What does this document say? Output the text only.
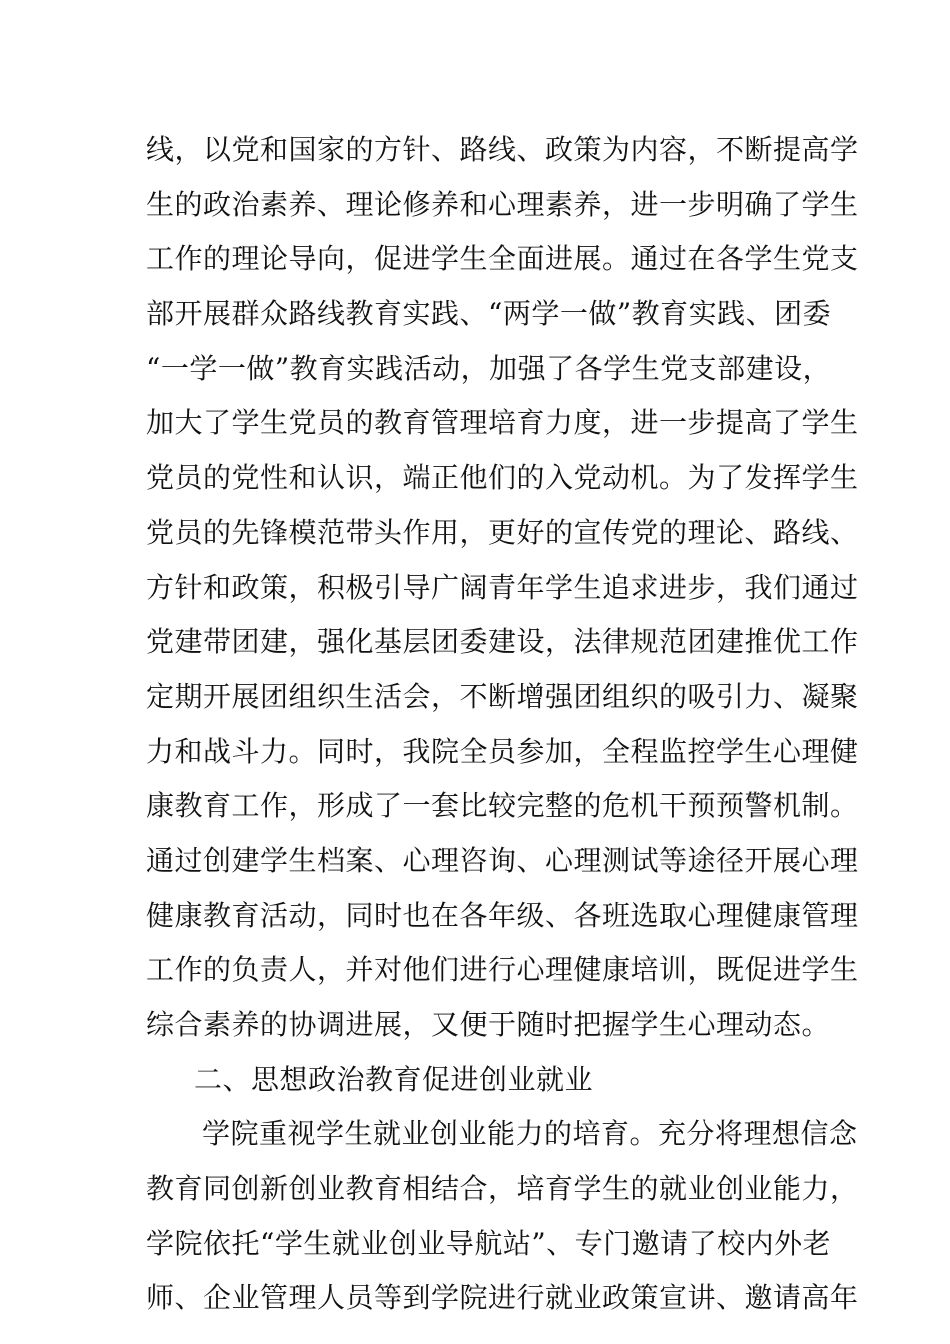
线，以党和国家的方针、路线、政策为内容，不断提高学
生的政治素养、理论修养和心理素养，进一步明确了学生
工作的理论导向，促进学生全面进展。通过在各学生党支
部开展群众路线教育实践、“两学一做”教育实践、团委
“一学一做”教育实践活动，加强了各学生党支部建设，
加大了学生党员的教育管理培育力度，进一步提高了学生
党员的党性和认识，端正他们的入党动机。为了发挥学生
党员的先锋模范带头作用，更好的宣传党的理论、路线、
方针和政策，积极引导广阔青年学生追求进步，我们通过
党建带团建，强化基层团委建设，法律规范团建推优工作
定期开展团组织生活会，不断增强团组织的吸引力、凝聚
力和战斗力。同时，我院全员参加，全程监控学生心理健
康教育工作，形成了一套比较完整的危机干预预警机制。
通过创建学生档案、心理咨询、心理测试等途径开展心理
健康教育活动，同时也在各年级、各班选取心理健康管理
工作的负责人，并对他们进行心理健康培训，既促进学生
综合素养的协调进展，又便于随时把握学生心理动态。
二、思想政治教育促进创业就业
学院重视学生就业创业能力的培育。充分将理想信念
教育同创新创业教育相结合，培育学生的就业创业能力，
学院依托“学生就业创业导航站”、专门邀请了校内外老
师、企业管理人员等到学院进行就业政策宣讲、邀请高年
